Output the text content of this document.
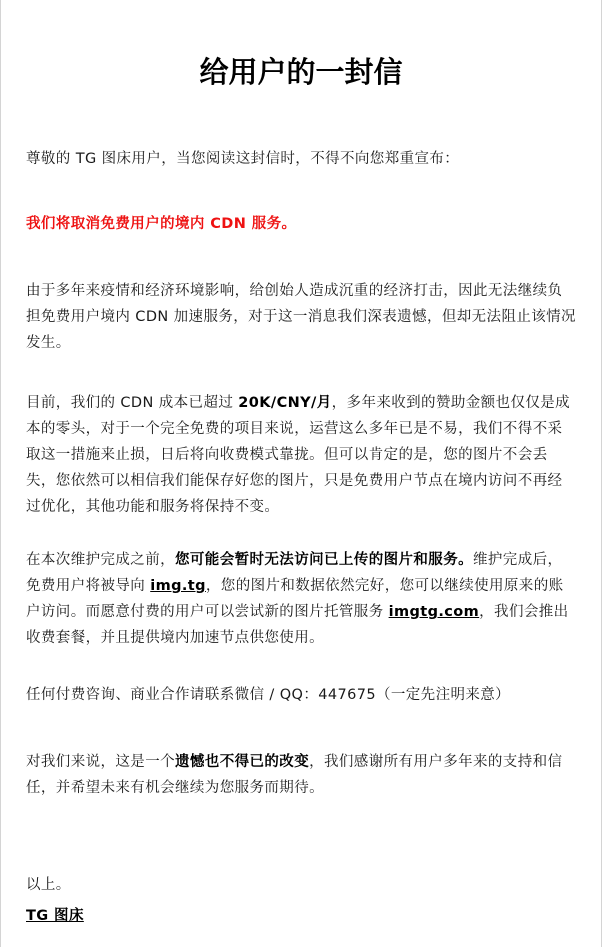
给用户的一封信

尊敬的 TG 图床用户，当您阅读这封信时，不得不向您郑重宣布：

我们将取消免费用户的境内 CDN 服务。

由于多年来疫情和经济环境影响，给创始人造成沉重的经济打击，因此无法继续负担免费用户境内 CDN 加速服务，对于这一消息我们深表遗憾，但却无法阻止该情况发生。

目前，我们的 CDN 成本已超过 20K/CNY/月，多年来收到的赞助金额也仅仅是成本的零头，对于一个完全免费的项目来说，运营这么多年已是不易，我们不得不采取这一措施来止损，日后将向收费模式靠拢。但可以肯定的是，您的图片不会丢失，您依然可以相信我们能保存好您的图片，只是免费用户节点在境内访问不再经过优化，其他功能和服务将保持不变。

在本次维护完成之前，您可能会暂时无法访问已上传的图片和服务。维护完成后，免费用户将被导向 img.tg，您的图片和数据依然完好，您可以继续使用原来的账户访问。而愿意付费的用户可以尝试新的图片托管服务 imgtg.com，我们会推出收费套餐，并且提供境内加速节点供您使用。

任何付费咨询、商业合作请联系微信 / QQ：447675（一定先注明来意）

对我们来说，这是一个遗憾也不得已的改变，我们感谢所有用户多年来的支持和信任，并希望未来有机会继续为您服务而期待。

以上。

TG 图床
